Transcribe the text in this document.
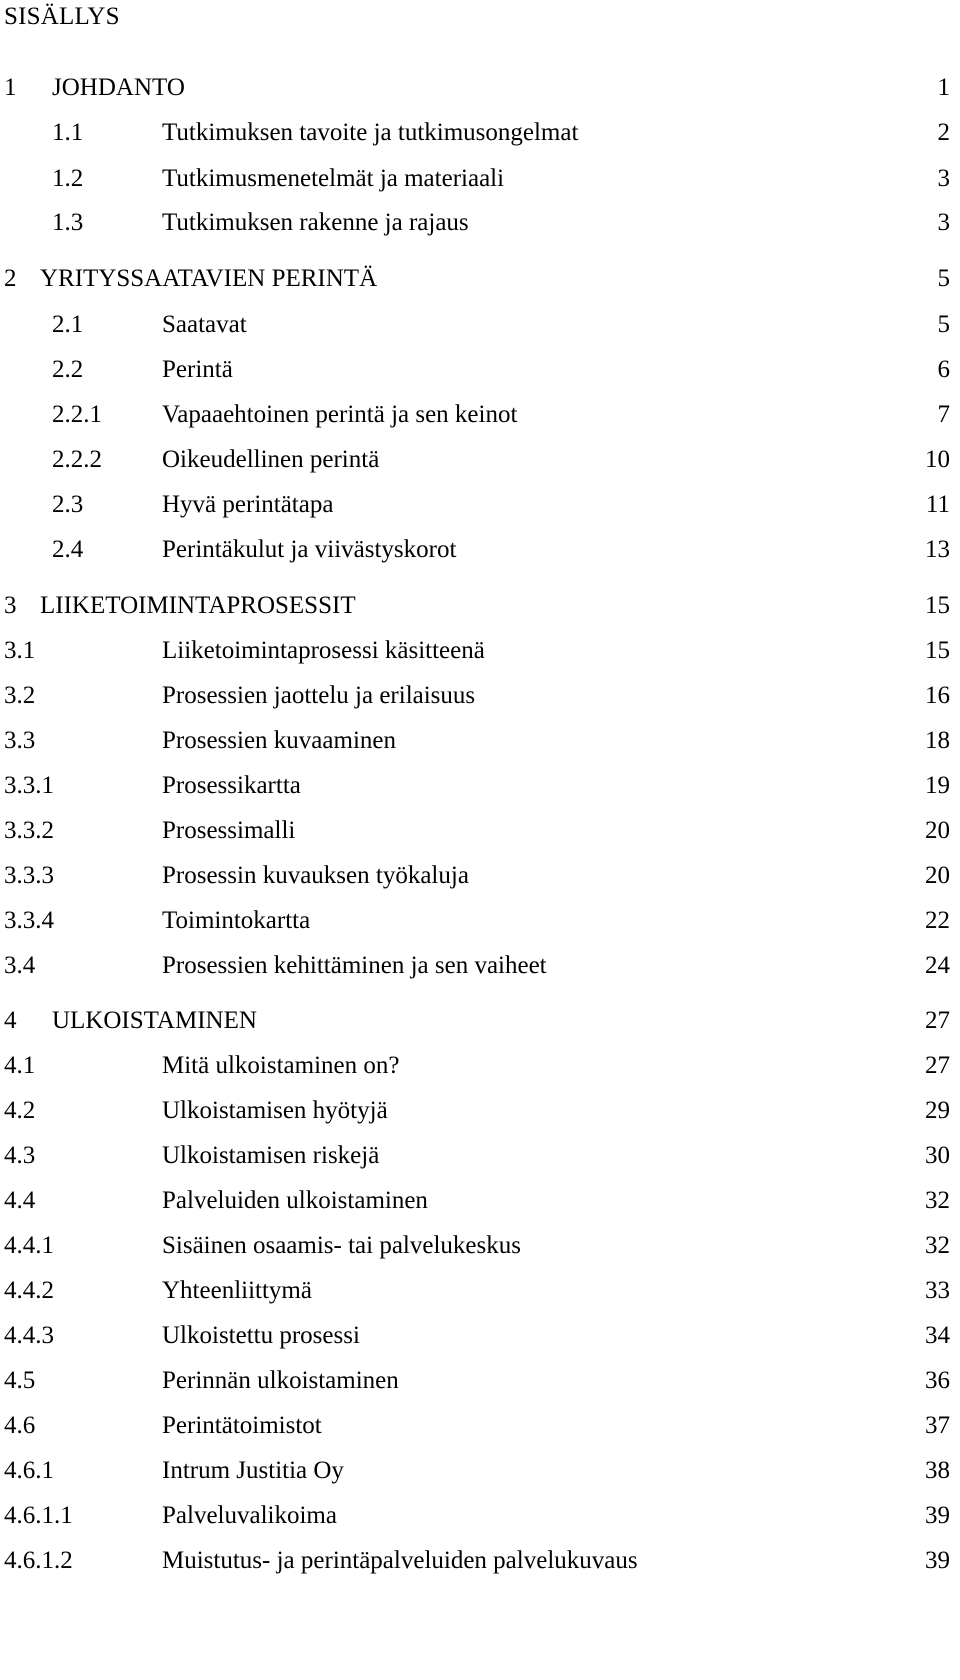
SISÄLLYS
1 JOHDANTO	1
1.1	Tutkimuksen tavoite ja tutkimusongelmat	2
1.2	Tutkimusmenetelmät ja materiaali	3
1.3	Tutkimuksen rakenne ja rajaus	3
2 YRITYSSAATAVIEN PERINTÄ	5
2.1	Saatavat	5
2.2	Perintä	6
2.2.1 Vapaaehtoinen perintä ja sen keinot	7
2.2.2 Oikeudellinen perintä	10
2.3	Hyvä perintätapa	11
2.4	Perintäkulut ja viivästyskorot	13
3 LIIKETOIMINTAPROSESSIT	15
3.1	Liiketoimintaprosessi käsitteenä	15
3.2	Prosessien jaottelu ja erilaisuus	16
3.3	Prosessien kuvaaminen	18
3.3.1	Prosessikartta	19
3.3.2	Prosessimalli	20
3.3.3	Prosessin kuvauksen työkaluja	20
3.3.4	Toimintokartta	22
3.4	Prosessien kehittäminen ja sen vaiheet	24
4 ULKOISTAMINEN	27
4.1	Mitä ulkoistaminen on?	27
4.2	Ulkoistamisen hyötyjä	29
4.3	Ulkoistamisen riskejä	30
4.4	Palveluiden ulkoistaminen	32
4.4.1	Sisäinen osaamis- tai palvelukeskus	32
4.4.2	Yhteenliittymä	33
4.4.3	Ulkoistettu prosessi	34
4.5	Perinnän ulkoistaminen	36
4.6	Perintätoimistot	37
4.6.1	Intrum Justitia Oy	38
4.6.1.1	Palveluvalikoima	39
4.6.1.2	Muistutus- ja perintäpalveluiden palvelukuvaus	39
